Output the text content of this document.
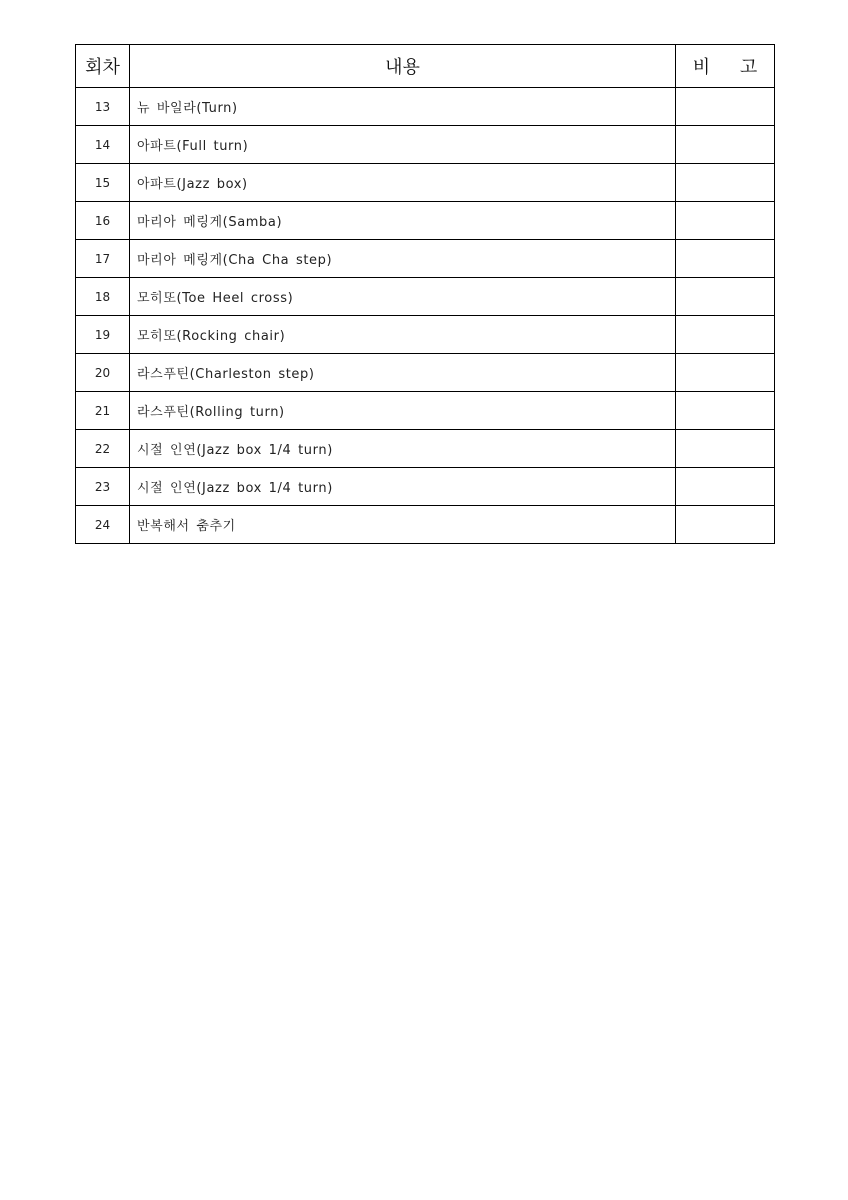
회차	내용	비 고
13	뉴 바일라(Turn)	
14	아파트(Full turn)	
15	아파트(Jazz box)	
16	마리아 메링게(Samba)	
17	마리아 메링게(Cha Cha step)	
18	모히또(Toe Heel cross)	
19	모히또(Rocking chair)	
20	라스푸틴(Charleston step)	
21	라스푸틴(Rolling turn)	
22	시절 인연(Jazz box 1/4 turn)	
23	시절 인연(Jazz box 1/4 turn)	
24	반복해서 춤추기	
